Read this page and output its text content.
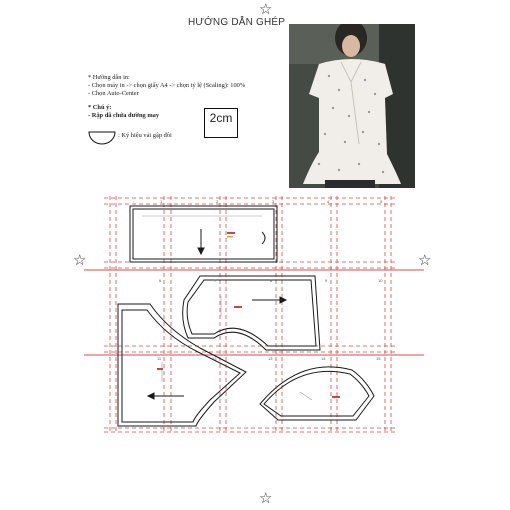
HƯỚNG DẪN GHÉP
* Hướng dẫn in:
- Chọn máy in -> chọn giấy A4 -> chọn tỷ lệ (Scaling): 100%
- Chọn Auto-Center
* Chú ý:
- Rập đã chứa đường may	2cm
: Ký hiệu vải gập đôi
☆
☆	☆
☆
1	2	3	4	5
6	7	8	9	10
11	12	13	14	15
